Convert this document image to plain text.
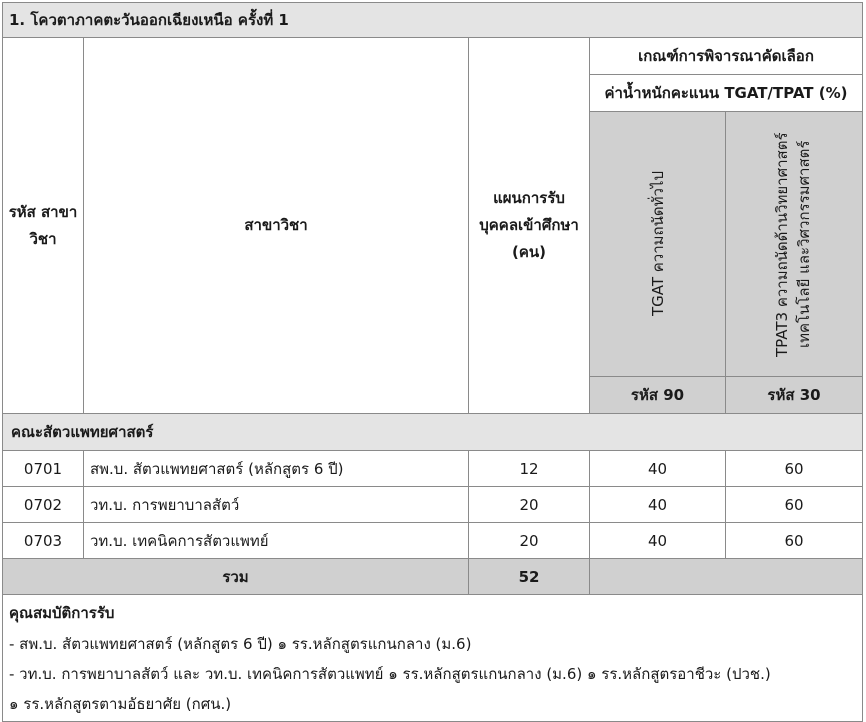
1. โควตาภาคตะวันออกเฉียงเหนือ ครั้งที่ 1				
รหัส สาขาวิชา	สาขาวิชา	แผนการรับ บุคคลเข้าศึกษา (คน)	เกณฑ์การพิจารณาคัดเลือก	
			ค่าน้ำหนักคะแนน TGAT/TPAT (%)	

			TGAT ความถนัดทั่วไป	TPAT3 ความถนัดด้านวิทยาศาสตร์ เทคโนโลยี และวิศวกรรมศาสตร์

			รหัส 90	รหัส 30
คณะสัตวแพทยศาสตร์				
0701	สพ.บ. สัตวแพทยศาสตร์ (หลักสูตร 6 ปี)	12	40	60
0702	วท.บ. การพยาบาลสัตว์	20	40	60
0703	วท.บ. เทคนิคการสัตวแพทย์	20	40	60
รวม		52		

คุณสมบัติการรับ
- สพ.บ. สัตวแพทยศาสตร์ (หลักสูตร 6 ปี) ๑ รร.หลักสูตรแกนกลาง (ม.6)
- วท.บ. การพยาบาลสัตว์ และ วท.บ. เทคนิคการสัตวแพทย์ ๑ รร.หลักสูตรแกนกลาง (ม.6) ๑ รร.หลักสูตรอาชีวะ (ปวช.)
๑ รร.หลักสูตรตามอัธยาศัย (กศน.)				
